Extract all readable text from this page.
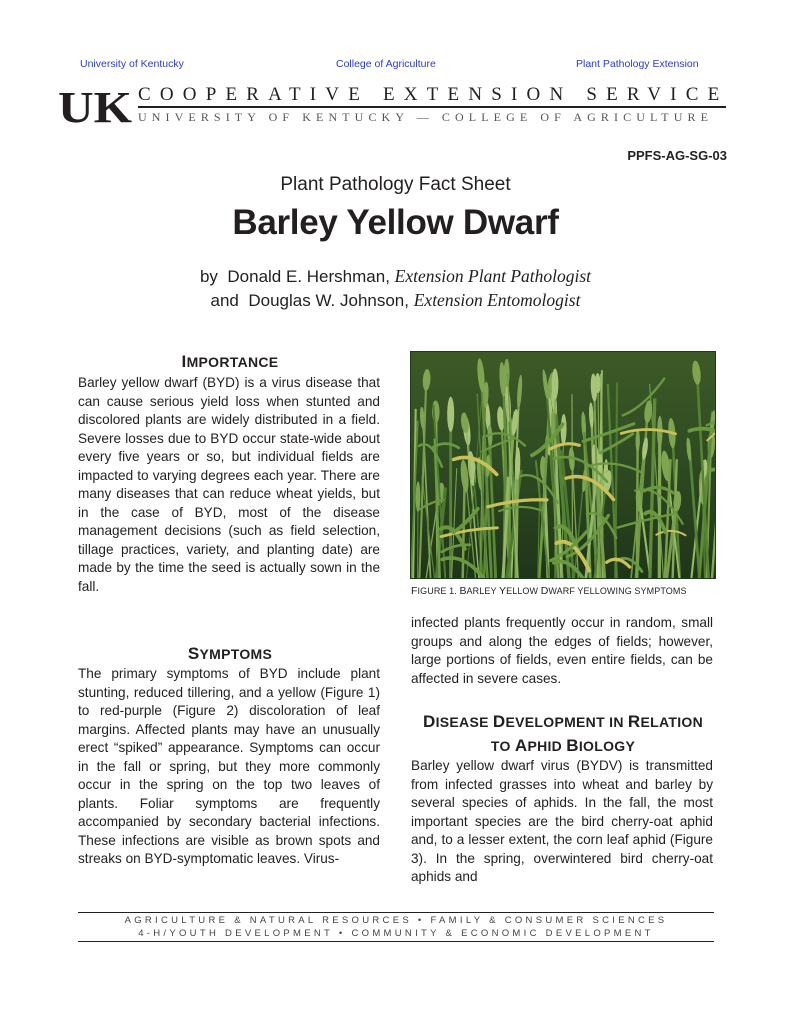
University of Kentucky	College of Agriculture	Plant Pathology Extension
UK COOPERATIVE EXTENSION SERVICE
UNIVERSITY OF KENTUCKY — COLLEGE OF AGRICULTURE
PPFS-AG-SG-03
Plant Pathology Fact Sheet
Barley Yellow Dwarf
by Donald E. Hershman, Extension Plant Pathologist
and Douglas W. Johnson, Extension Entomologist
IMPORTANCE

Barley yellow dwarf (BYD) is a virus disease that can cause serious yield loss when stunted and discolored plants are widely distributed in a field. Severe losses due to BYD occur state-wide about every five years or so, but individual fields are impacted to varying degrees each year. There are many diseases that can reduce wheat yields, but in the case of BYD, most of the disease management decisions (such as field selection, tillage practices, variety, and planting date) are made by the time the seed is actually sown in the fall.

SYMPTOMS

The primary symptoms of BYD include plant stunting, reduced tillering, and a yellow (Figure 1) to red-purple (Figure 2) discoloration of leaf margins. Affected plants may have an unusually erect “spiked” appearance. Symptoms can occur in the fall or spring, but they more commonly occur in the spring on the top two leaves of plants. Foliar symptoms are frequently accompanied by secondary bacterial infections. These infections are visible as brown spots and streaks on BYD-symptomatic leaves. Virus-

FIGURE 1. BARLEY YELLOW DWARF YELLOWING SYMPTOMS

infected plants frequently occur in random, small groups and along the edges of fields; however, large portions of fields, even entire fields, can be affected in severe cases.

DISEASE DEVELOPMENT IN RELATION
TO APHID BIOLOGY

Barley yellow dwarf virus (BYDV) is transmitted from infected grasses into wheat and barley by several species of aphids. In the fall, the most important species are the bird cherry-oat aphid and, to a lesser extent, the corn leaf aphid (Figure 3). In the spring, overwintered bird cherry-oat aphids and

AGRICULTURE & NATURAL RESOURCES • FAMILY & CONSUMER SCIENCES
4-H/YOUTH DEVELOPMENT • COMMUNITY & ECONOMIC DEVELOPMENT
